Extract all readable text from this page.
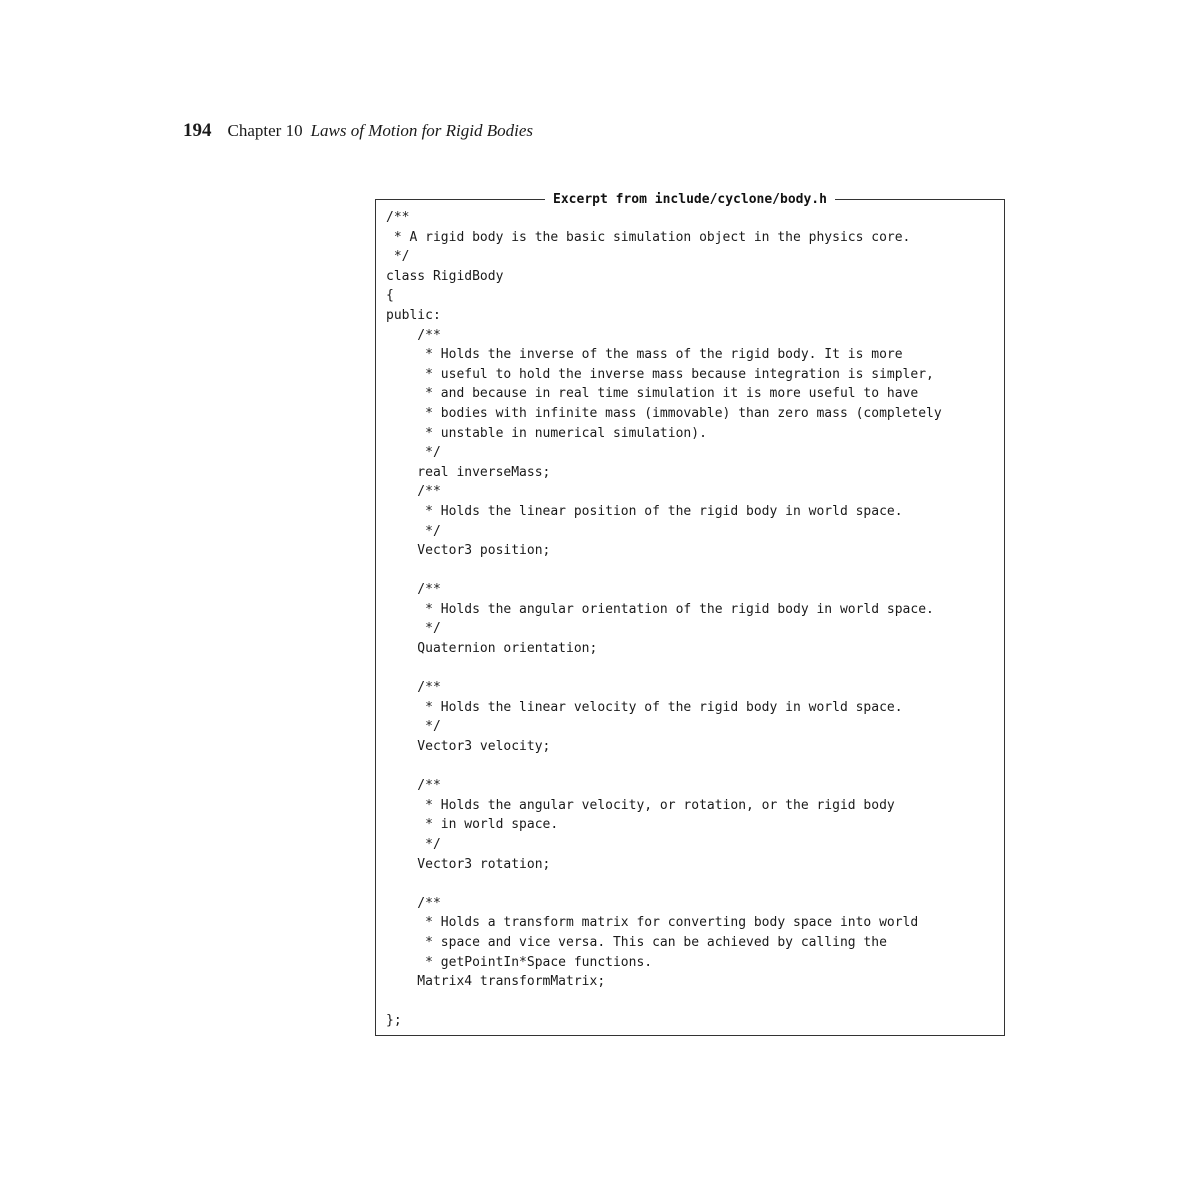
194 Chapter 10 Laws of Motion for Rigid Bodies
Excerpt from include/cyclone/body.h
/**
* A rigid body is the basic simulation object in the physics core.
*/
class RigidBody
{
public:
/**
* Holds the inverse of the mass of the rigid body. It is more
* useful to hold the inverse mass because integration is simpler,
* and because in real time simulation it is more useful to have
* bodies with infinite mass (immovable) than zero mass (completely
* unstable in numerical simulation).
*/
real inverseMass;
/**
* Holds the linear position of the rigid body in world space.
*/
Vector3 position;
/**
* Holds the angular orientation of the rigid body in world space.
*/
Quaternion orientation;
/**
* Holds the linear velocity of the rigid body in world space.
*/
Vector3 velocity;
/**
* Holds the angular velocity, or rotation, or the rigid body
* in world space.
*/
Vector3 rotation;
/**
* Holds a transform matrix for converting body space into world
* space and vice versa. This can be achieved by calling the
* getPointIn*Space functions.
Matrix4 transformMatrix;
};
